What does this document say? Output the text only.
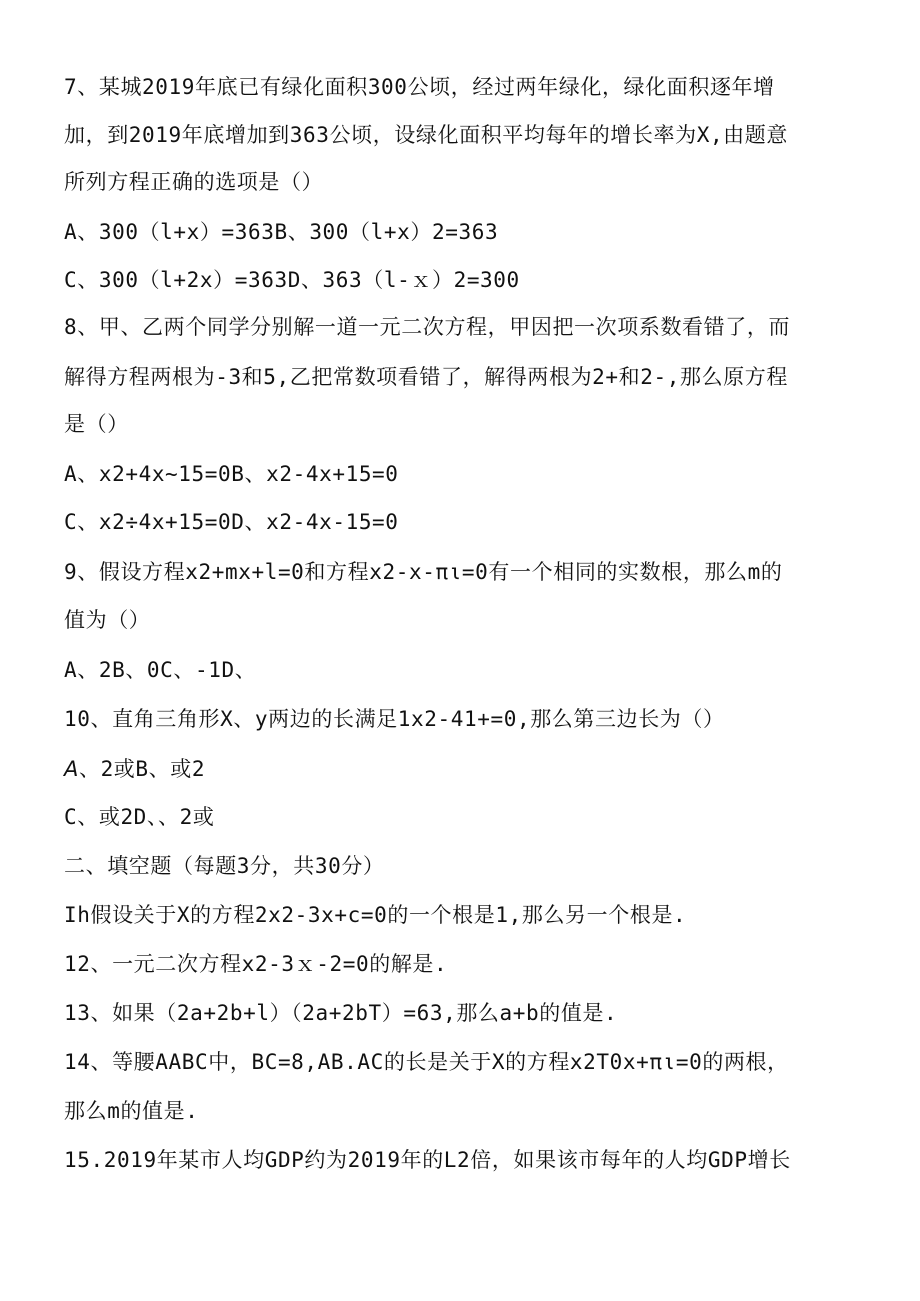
7、某城2019年底已有绿化面积300公顷，经过两年绿化，绿化面积逐年增
加，到2019年底增加到363公顷，设绿化面积平均每年的增长率为X,由题意
所列方程正确的选项是（）
A、300（l+x）=363B、300（l+x）2=363
C、300（l+2x）=363D、363（l-ｘ）2=300
8、甲、乙两个同学分别解一道一元二次方程，甲因把一次项系数看错了，而
解得方程两根为-3和5,乙把常数项看错了，解得两根为2+和2-,那么原方程
是（）
A、x2+4x~15=0B、x2-4x+15=0
C、x2÷4x+15=0D、x2-4x-15=0
9、假设方程x2+mx+l=0和方程x2-x-πι=0有一个相同的实数根，那么m的
值为（）
A、2B、0C、-1D、
10、直角三角形X、y两边的长满足1x2-41+=0,那么第三边长为（）
A、2或B、或2
C、或2D、、2或
二、填空题（每题3分，共30分）
Ih假设关于X的方程2x2-3x+c=0的一个根是1,那么另一个根是.
12、一元二次方程x2-3ｘ-2=0的解是.
13、如果（2a+2b+l）（2a+2bT）=63,那么a+b的值是.
14、等腰AABC中，BC=8,AB.AC的长是关于X的方程x2T0x+πι=0的两根，
那么m的值是.
15.2019年某市人均GDP约为2019年的L2倍，如果该市每年的人均GDP增长
